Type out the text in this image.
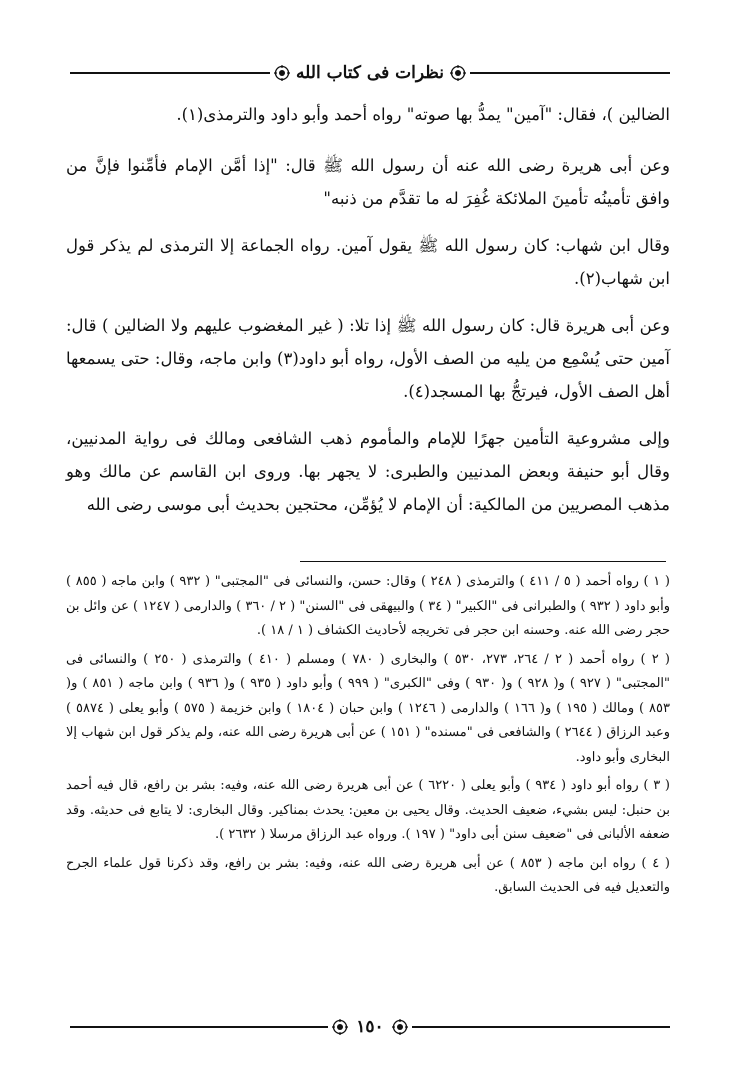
نظرات فى كتاب الله

الضالين )، فقال: "آمين" يمدُّ بها صوته" رواه أحمد وأبو داود والترمذى(١).

وعن أبى هريرة رضى الله عنه أن رسول الله ﷺ قال: "إذا أمَّن الإمام فأمِّنوا فإنَّ من وافق تأمينُه تأمينَ الملائكة غُفِرَ له ما تقدَّم من ذنبه"

وقال ابن شهاب: كان رسول الله ﷺ يقول آمين. رواه الجماعة إلا الترمذى لم يذكر قول ابن شهاب(٢).

وعن أبى هريرة قال: كان رسول الله ﷺ إذا تلا: ( غير المغضوب عليهم ولا الضالين ) قال: آمين حتى يُسْمِع من يليه من الصف الأول، رواه أبو داود(٣) وابن ماجه، وقال: حتى يسمعها أهل الصف الأول، فيرتجُّ بها المسجد(٤).

وإلى مشروعية التأمين جهرًا للإمام والمأموم ذهب الشافعى ومالك فى رواية المدنيين، وقال أبو حنيفة وبعض المدنيين والطبرى: لا يجهر بها. وروى ابن القاسم عن مالك وهو مذهب المصريين من المالكية: أن الإمام لا يُؤمِّن، محتجين بحديث أبى موسى رضى الله

( ١ ) رواه أحمد ( ٥ / ٤١١ ) والترمذى ( ٢٤٨ ) وقال: حسن، والنسائى فى "المجتبى" ( ٩٣٢ ) وابن ماجه ( ٨٥٥ ) وأبو داود ( ٩٣٢ ) والطبرانى فى "الكبير" ( ٣٤ ) والبيهقى فى "السنن" ( ٢ / ٣٦٠ ) والدارمى ( ١٢٤٧ ) عن وائل بن حجر رضى الله عنه. وحسنه ابن حجر فى تخريجه لأحاديث الكشاف ( ١ / ١٨ ).

( ٢ ) رواه أحمد ( ٢ / ٢٦٤، ٢٧٣، ٥٣٠ ) والبخارى ( ٧٨٠ ) ومسلم ( ٤١٠ ) والترمذى ( ٢٥٠ ) والنسائى فى "المجتبى" ( ٩٢٧ ) و( ٩٢٨ ) و( ٩٣٠ ) وفى "الكبرى" ( ٩٩٩ ) وأبو داود ( ٩٣٥ ) و( ٩٣٦ ) وابن ماجه ( ٨٥١ ) و( ٨٥٣ ) ومالك ( ١٩٥ ) و( ١٦٦ ) والدارمى ( ١٢٤٦ ) وابن حبان ( ١٨٠٤ ) وابن خزيمة ( ٥٧٥ ) وأبو يعلى ( ٥٨٧٤ ) وعبد الرزاق ( ٢٦٤٤ ) والشافعى فى "مسنده" ( ١٥١ ) عن أبى هريرة رضى الله عنه، ولم يذكر قول ابن شهاب إلا البخارى وأبو داود.

( ٣ ) رواه أبو داود ( ٩٣٤ ) وأبو يعلى ( ٦٢٢٠ ) عن أبى هريرة رضى الله عنه، وفيه: بشر بن رافع، قال فيه أحمد بن حنبل: ليس بشيء، ضعيف الحديث. وقال يحيى بن معين: يحدث بمناكير. وقال البخارى: لا يتابع فى حديثه. وقد ضعفه الألبانى فى "ضعيف سنن أبى داود" ( ١٩٧ ). ورواه عبد الرزاق مرسلا ( ٢٦٣٢ ).

( ٤ ) رواه ابن ماجه ( ٨٥٣ ) عن أبى هريرة رضى الله عنه، وفيه: بشر بن رافع، وقد ذكرنا قول علماء الجرح والتعديل فيه فى الحديث السابق.

١٥٠
